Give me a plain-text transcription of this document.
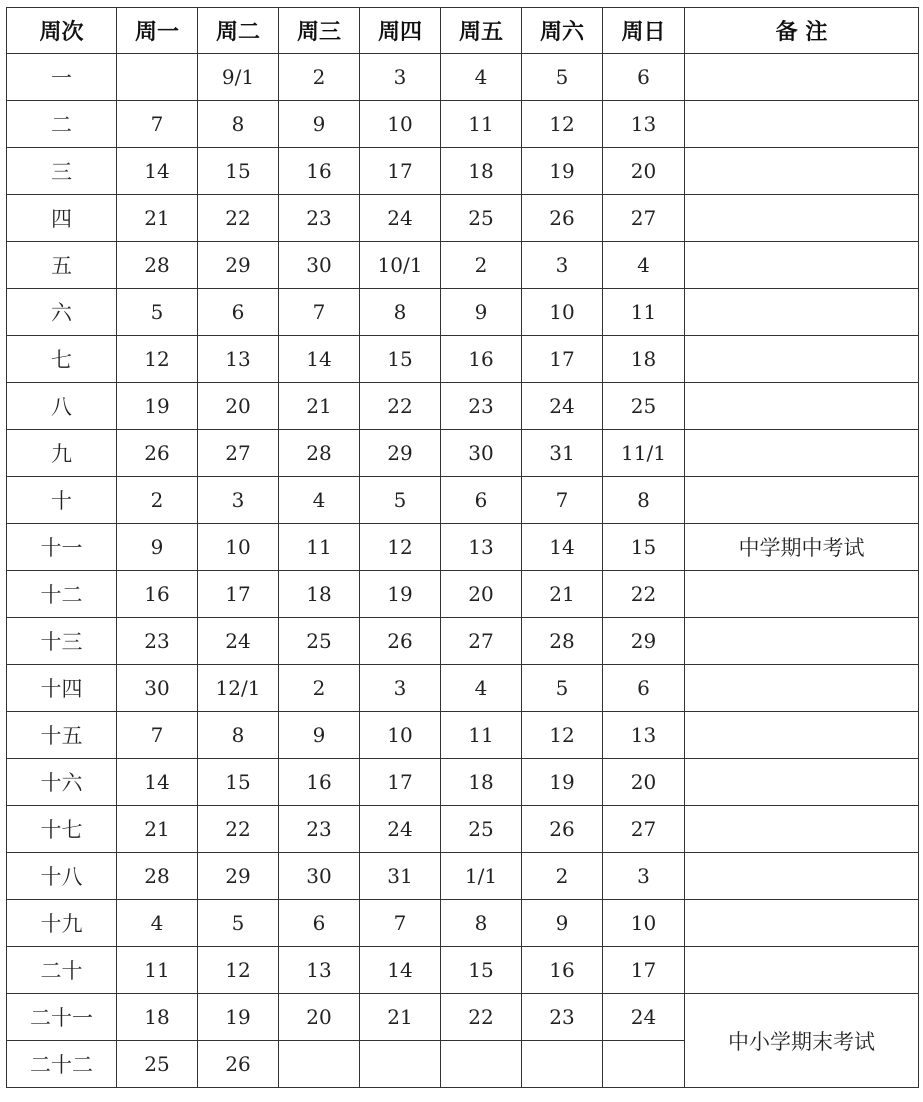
周次	周一	周二	周三	周四	周五	周六	周日	备 注
一		9/1	2	3	4	5	6	
二	7	8	9	10	11	12	13	
三	14	15	16	17	18	19	20	
四	21	22	23	24	25	26	27	
五	28	29	30	10/1	2	3	4	
六	5	6	7	8	9	10	11	
七	12	13	14	15	16	17	18	
八	19	20	21	22	23	24	25	
九	26	27	28	29	30	31	11/1	
十	2	3	4	5	6	7	8	
十一	9	10	11	12	13	14	15	中学期中考试
十二	16	17	18	19	20	21	22	
十三	23	24	25	26	27	28	29	
十四	30	12/1	2	3	4	5	6	
十五	7	8	9	10	11	12	13	
十六	14	15	16	17	18	19	20	
十七	21	22	23	24	25	26	27	
十八	28	29	30	31	1/1	2	3	
十九	4	5	6	7	8	9	10	
二十	11	12	13	14	15	16	17	
二十一	18	19	20	21	22	23	24	中小学期末考试
二十二	25	26						
